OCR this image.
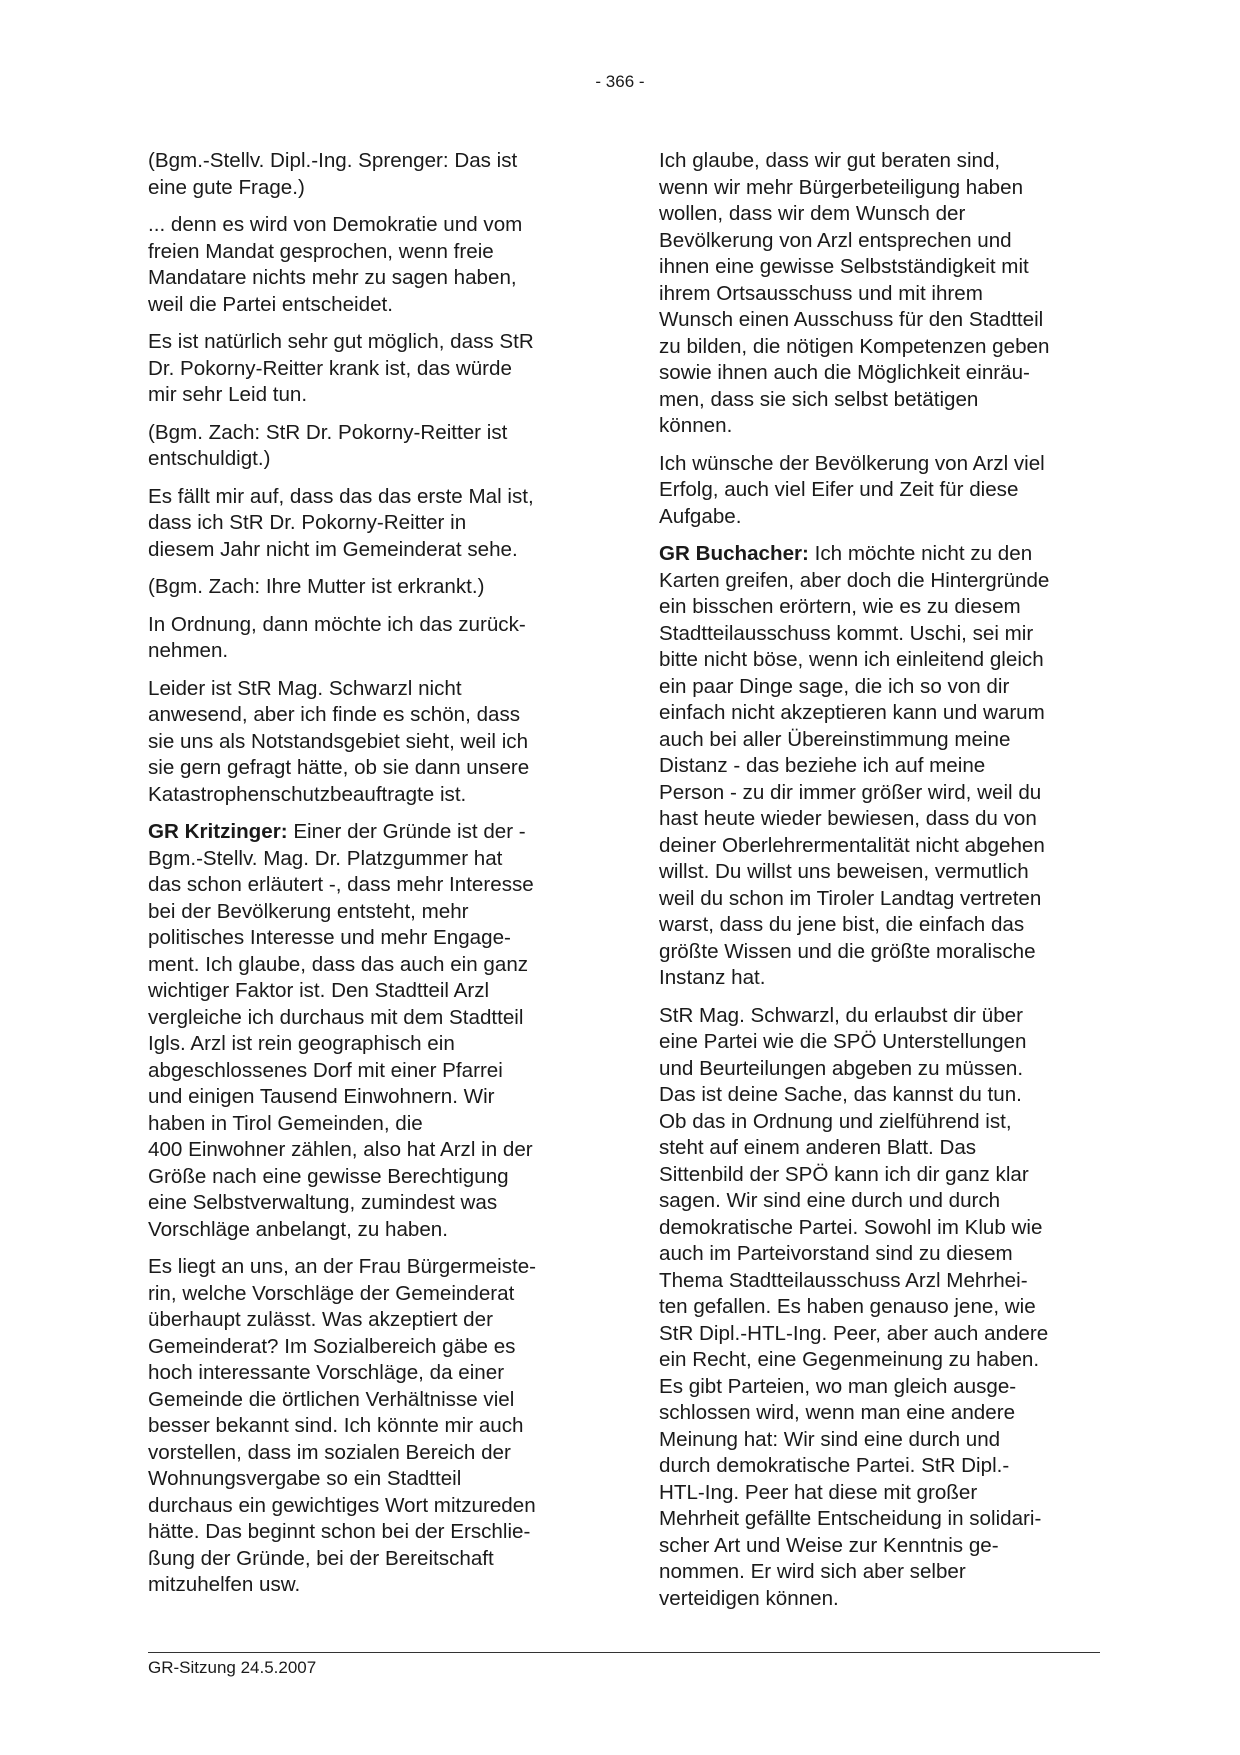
- 366 -

(Bgm.-Stellv. Dipl.-Ing. Sprenger: Das ist
eine gute Frage.)

... denn es wird von Demokratie und vom
freien Mandat gesprochen, wenn freie
Mandatare nichts mehr zu sagen haben,
weil die Partei entscheidet.

Es ist natürlich sehr gut möglich, dass StR
Dr. Pokorny-Reitter krank ist, das würde
mir sehr Leid tun.

(Bgm. Zach: StR Dr. Pokorny-Reitter ist
entschuldigt.)

Es fällt mir auf, dass das das erste Mal ist,
dass ich StR Dr. Pokorny-Reitter in
diesem Jahr nicht im Gemeinderat sehe.

(Bgm. Zach: Ihre Mutter ist erkrankt.)

In Ordnung, dann möchte ich das zurück-
nehmen.

Leider ist StR Mag. Schwarzl nicht
anwesend, aber ich finde es schön, dass
sie uns als Notstandsgebiet sieht, weil ich
sie gern gefragt hätte, ob sie dann unsere
Katastrophenschutzbeauftragte ist.

GR Kritzinger: Einer der Gründe ist der -
Bgm.-Stellv. Mag. Dr. Platzgummer hat
das schon erläutert -, dass mehr Interesse
bei der Bevölkerung entsteht, mehr
politisches Interesse und mehr Engage-
ment. Ich glaube, dass das auch ein ganz
wichtiger Faktor ist. Den Stadtteil Arzl
vergleiche ich durchaus mit dem Stadtteil
Igls. Arzl ist rein geographisch ein
abgeschlossenes Dorf mit einer Pfarrei
und einigen Tausend Einwohnern. Wir
haben in Tirol Gemeinden, die
400 Einwohner zählen, also hat Arzl in der
Größe nach eine gewisse Berechtigung
eine Selbstverwaltung, zumindest was
Vorschläge anbelangt, zu haben.

Es liegt an uns, an der Frau Bürgermeiste-
rin, welche Vorschläge der Gemeinderat
überhaupt zulässt. Was akzeptiert der
Gemeinderat? Im Sozialbereich gäbe es
hoch interessante Vorschläge, da einer
Gemeinde die örtlichen Verhältnisse viel
besser bekannt sind. Ich könnte mir auch
vorstellen, dass im sozialen Bereich der
Wohnungsvergabe so ein Stadtteil
durchaus ein gewichtiges Wort mitzureden
hätte. Das beginnt schon bei der Erschlie-
ßung der Gründe, bei der Bereitschaft
mitzuhelfen usw.

Ich glaube, dass wir gut beraten sind,
wenn wir mehr Bürgerbeteiligung haben
wollen, dass wir dem Wunsch der
Bevölkerung von Arzl entsprechen und
ihnen eine gewisse Selbstständigkeit mit
ihrem Ortsausschuss und mit ihrem
Wunsch einen Ausschuss für den Stadtteil
zu bilden, die nötigen Kompetenzen geben
sowie ihnen auch die Möglichkeit einräu-
men, dass sie sich selbst betätigen
können.

Ich wünsche der Bevölkerung von Arzl viel
Erfolg, auch viel Eifer und Zeit für diese
Aufgabe.

GR Buchacher: Ich möchte nicht zu den
Karten greifen, aber doch die Hintergründe
ein bisschen erörtern, wie es zu diesem
Stadtteilausschuss kommt. Uschi, sei mir
bitte nicht böse, wenn ich einleitend gleich
ein paar Dinge sage, die ich so von dir
einfach nicht akzeptieren kann und warum
auch bei aller Übereinstimmung meine
Distanz - das beziehe ich auf meine
Person - zu dir immer größer wird, weil du
hast heute wieder bewiesen, dass du von
deiner Oberlehrermentalität nicht abgehen
willst. Du willst uns beweisen, vermutlich
weil du schon im Tiroler Landtag vertreten
warst, dass du jene bist, die einfach das
größte Wissen und die größte moralische
Instanz hat.

StR Mag. Schwarzl, du erlaubst dir über
eine Partei wie die SPÖ Unterstellungen
und Beurteilungen abgeben zu müssen.
Das ist deine Sache, das kannst du tun.
Ob das in Ordnung und zielführend ist,
steht auf einem anderen Blatt. Das
Sittenbild der SPÖ kann ich dir ganz klar
sagen. Wir sind eine durch und durch
demokratische Partei. Sowohl im Klub wie
auch im Parteivorstand sind zu diesem
Thema Stadtteilausschuss Arzl Mehrhei-
ten gefallen. Es haben genauso jene, wie
StR Dipl.-HTL-Ing. Peer, aber auch andere
ein Recht, eine Gegenmeinung zu haben.
Es gibt Parteien, wo man gleich ausge-
schlossen wird, wenn man eine andere
Meinung hat: Wir sind eine durch und
durch demokratische Partei. StR Dipl.-
HTL-Ing. Peer hat diese mit großer
Mehrheit gefällte Entscheidung in solidari-
scher Art und Weise zur Kenntnis ge-
nommen. Er wird sich aber selber
verteidigen können.

GR-Sitzung 24.5.2007
